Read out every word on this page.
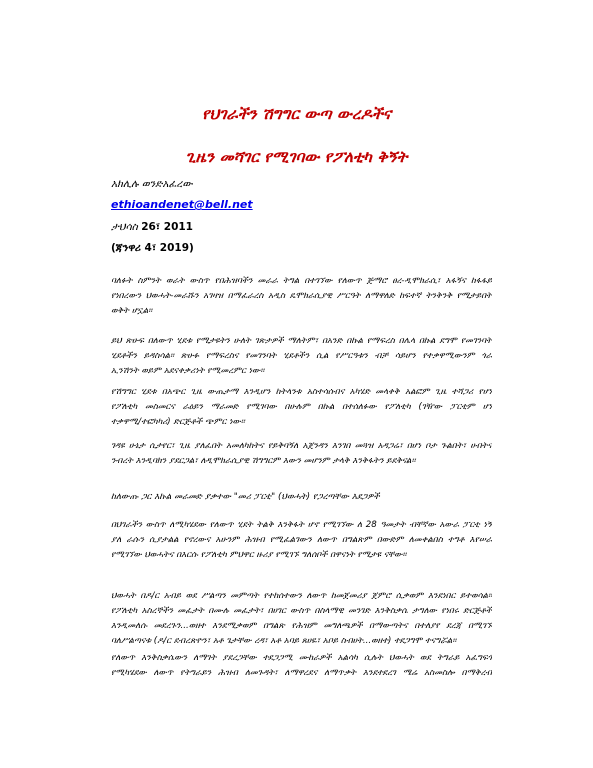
የህገራችን ሽግግር ውጣ ውረዶችና
ጊዜን መሻገር የሚገባው የፖለቲካ ቅኝት
አክሊሉ ወንድአፈረው
ethioandenet@bell.net
ታህሳስ 26፣ 2011
(ጃንዋሪ 4፣ 2019)
ባለፉት ስምንት ወራት ውስጥ የበሕዝባችን መራራ ትግል በተገኘው የለውጥ ጅማሮ ፀረ-ዲሞክራሲ፣ አፋኝና ከፋፋይ
የነበረውን ህወሓት-መራሹን አገዛዝ በማፈራረስ አዲስ ዴሞክራሲያዊ ሥርዓት ለማዋለድ ከፍተኛ ትንቅንቅ የሚታይበት
ወቅት ሆኗል።
ይህ ጽሁፍ በለውጥ ሂደቱ የሚታዩትን ሁለት ገጽታዎች ማለትም፣ በአንድ በኩል የማፍረስ በሌላ በኩል ደግሞ የመገንባት
ሂደቶችን ይዳስሳል። ጽሁፉ የማፍረስና የመገንባት ሂደቶችን ሲል የሥርዓቱን ብቻ ሳይሆን የተቃዋሚውንም ጎራ
ኢንሽንት ወይም አደናቀቃሪነት የሚመረምር ነው።
የሽግግር ሂደቱ በአጭር ጊዜ ውጤታማ እንዲሆን ከትላንቱ አስተሳሰብና አካሄድ መላቀቅ አልፎም ጊዜ ተሻጋሪ የሆነ
የፖለቲካ መስመርና ራዕይን ማራመድ የሚገባው በሁሉም በኩል በተሰለፉው የፖለቲካ (ገዥው ፓርቲም ሆነ
ተቃዋሚ/ተፎካካሪ) ድርጅቶች ጭምር ነው።
ገዳዩ ሁኔታ ሲታየር፣ ጊዜ ያለፈበት አመለካከትና የይቅባኝለ አጀንዳን እንገበ መጓዝ አዳጋሬ፣ በሆነ ቦታ ጉልበት፣ ሀብትና
ንብረት እንዲባክን ያደርጋል፣ ለዲሞክራሲያዊ ሽግግርም እውን መሆንም ታላቅ እንቅፋትን ይደቅናል።
ከለውጡ ጋር እኩል መራመድ ያቃተው "መሪ ፓርቲ" (ህወሓት) የጋረጣቸው እደጋዎች
በህገራችን ውስጥ ለሚካሄደው የለውጥ ሂደት ትልቅ እንቅፋት ሆኖ የሚገኘው ለ 28 ዓመታት ብቸኛው አውራ ፓርቲ ነኝ
ያለ ራሱን ሲያታልል የኖረውና አሁንም ሕዝብ የሚፈልገውን ለውጥ በግልጽም በውድም ለመቀልበስ ተግቶ እየሠራ
የሚገኘው ህወሓትና በእርሱ የፖለቲካ ምህዋር ዙሪያ የሚገኙ ግለሰቦች በዋናነት የሚታዩ ናቸው።
ህወሓት በዶ/ር አብይ ወደ ሥልጣን መምጣት የተከሰተውን ለውጥ ከመጀመሪያ ጀምሮ ሲቃወም እንደነበር ይተወሳል።
የፖለቲካ አስረኞችን መፈታት በሙሉ መፈታት፣ በሀገር ውስጥ በስላማዊ መንገድ እንቅስቃሴ ታግለው የነበሩ ድርጅቶች
እንዲመለሱ መደረጉን...ወዘተ እንደሚቃወም በግልጽ የሕዝም መግለጫዎች በማውጣትና በተለያየ ደረጃ በሚገኙ
ባለሥልጣናቱ (ዶ/ር ደብረጽዮን፣ አቶ ጌታቸው ረዳ፣ አቶ አባይ ጸሀዬ፣ አቦይ ስብሀት...ወዘተ) ተደጋግሞ ተናግሯል።
የለውጥ እንቅስቃሴውን ለማገት ያደረጋቸው ተደጋጋሚ ሙከራዎች አልሳካ ሲሉት ህወሓት ወደ ትግራይ አፈግፍጎ
የሚካሄደው ለውጥ የትግራይን ሕዝብ ለመጉዳት፣ ለማዋረደና ለማጥቃት እንደተደረገ ሜሬ አስመስሎ በማቅረብ
